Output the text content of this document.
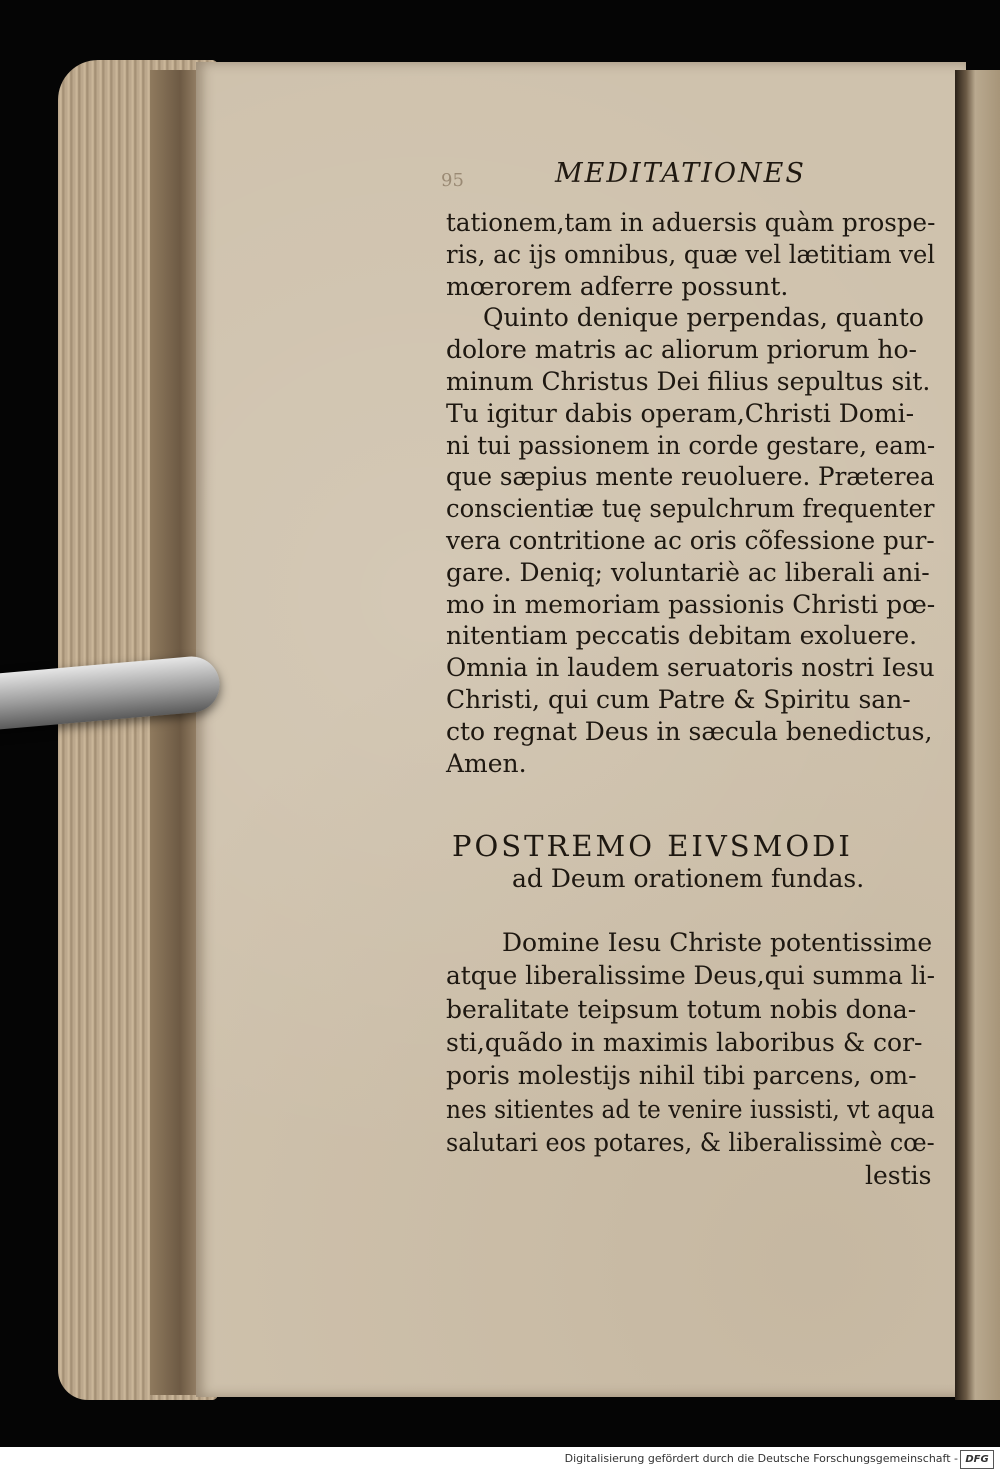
95	MEDITATIONES
tationem,tam in aduersis quàm prospe-
ris, ac ijs omnibus, quæ vel lætitiam vel
mœrorem adferre possunt.
Quinto denique perpendas, quanto
dolore matris ac aliorum priorum ho-
minum Christus Dei filius sepultus sit.
Tu igitur dabis operam,Christi Domi-
ni tui passionem in corde gestare, eam-
que sæpius mente reuoluere. Præterea
conscientiæ tuę sepulchrum frequenter
vera contritione ac oris cõfessione pur-
gare. Deniq; voluntariè ac liberali ani-
mo in memoriam passionis Christi pœ-
nitentiam peccatis debitam exoluere.
Omnia in laudem seruatoris nostri Iesu
Christi, qui cum Patre & Spiritu san-
cto regnat Deus in sæcula benedictus,
Amen.
POSTREMO EIVSMODI
ad Deum orationem fundas.
Domine Iesu Christe potentissime
atque liberalissime Deus,qui summa li-
beralitate teipsum totum nobis dona-
sti,quãdo in maximis laboribus & cor-
poris molestijs nihil tibi parcens, om-
nes sitientes ad te venire iussisti, vt aqua
salutari eos potares, & liberalissimè cœ-
lestis
Digitalisierung gefördert durch die Deutsche Forschungsgemeinschaft - DFG
